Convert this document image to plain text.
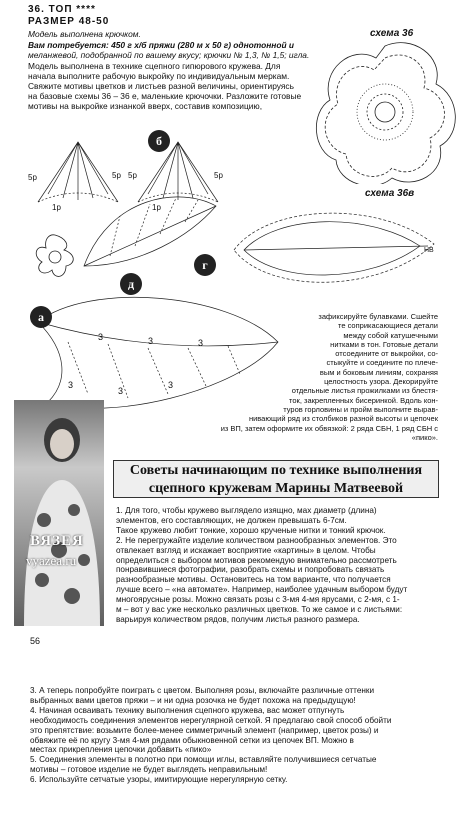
36. ТОП ****
РАЗМЕР 48-50
Модель выполнена крючком.
Вам потребуется: 450 г х/б пряжи (280 м х 50 г) однотонной и
меланжевой, подобранной по вашему вкусу; крючки № 1,3, № 1,5; игла.
Модель выполнена в технике сцепного гипюрового кружева. Для
начала выполните рабочую выкройку по индивидуальным меркам.
Свяжите мотивы цветков и листьев разной величины, ориентируясь
на базовые схемы 36 – 36 е, маленькие крючочки. Разложите готовые
мотивы на выкройке изнанкой вверх, составив композицию,
схема 36
5р	5р 5р	5р
1р	1р
б
схема 36в
НВ
г
д
3	3	3
3
3
3
а	зафиксируйте булавками. Сшейте
те соприкасающиеся детали
между собой катушечными
нитками в тон. Готовые детали
отсоедините от выкройки, со-
стыкуйте и соедините по плече-
вым и боковым линиям, сохраняя
целостность узора. Декорируйте
отдельные листья прожилками из блестя-
ток, закрепленных бисеринкой. Вдоль кон-
туров горловины и пройм выполните вырав-
нивающий ряд из столбиков разной высоты и цепочек
из ВП, затем оформите их обвязкой: 2 ряда СБН, 1 ряд СБН с «пико».
ВЯЗЕЯ
vyazea.ru
Советы начинающим по технике выполнения
сцепного кружевам Марины Матвеевой
1. Для того, чтобы кружево выглядело изящно, мах диаметр (длина)
элементов, его составляющих, не должен превышать 6-7см.
Такое кружево любит тонкие, хорошо крученые нитки и тонкий крючок.
2. Не перегружайте изделие количеством разнообразных элементов. Это
отвлекает взгляд и искажает восприятие «картины» в целом. Чтобы
определиться с выбором мотивов рекомендую внимательно рассмотреть
понравившиеся фотографии, разобрать схемы и попробовать связать
разнообразные мотивы. Остановитесь на том варианте, что получается
лучше всего – «на автомате». Например, наиболее удачным выбором будут
многоярусные розы. Можно связать розы с 3-мя 4-мя ярусами, с 2-мя, с 1-
м – вот у вас уже несколько различных цветков. То же самое и с листьями:
варьируя количеством рядов, получим листья разного размера.
56
3. А теперь попробуйте поиграть с цветом. Выполняя розы, включайте различные оттенки
выбранных вами цветов пряжи – и ни одна розочка не будет похожа на предыдущую!
4. Начиная осваивать технику выполнения сцепного кружева, вас может отпугнуть
необходимость соединения элементов нерегулярной сеткой. Я предлагаю свой способ обойти
это препятствие: возьмите более-менее симметричный элемент (например, цветок розы) и
обвяжите её по кругу 3-мя 4-мя рядами обыкновенной сетки из цепочек ВП. Можно в
местах прикрепления цепочки добавить «пико»
5. Соединения элементы в полотно при помощи иглы, вставляйте получившиеся сетчатые
мотивы – готовое изделие не будет выглядеть неправильным!
6. Используйте сетчатые узоры, имитирующие нерегулярную сетку.
